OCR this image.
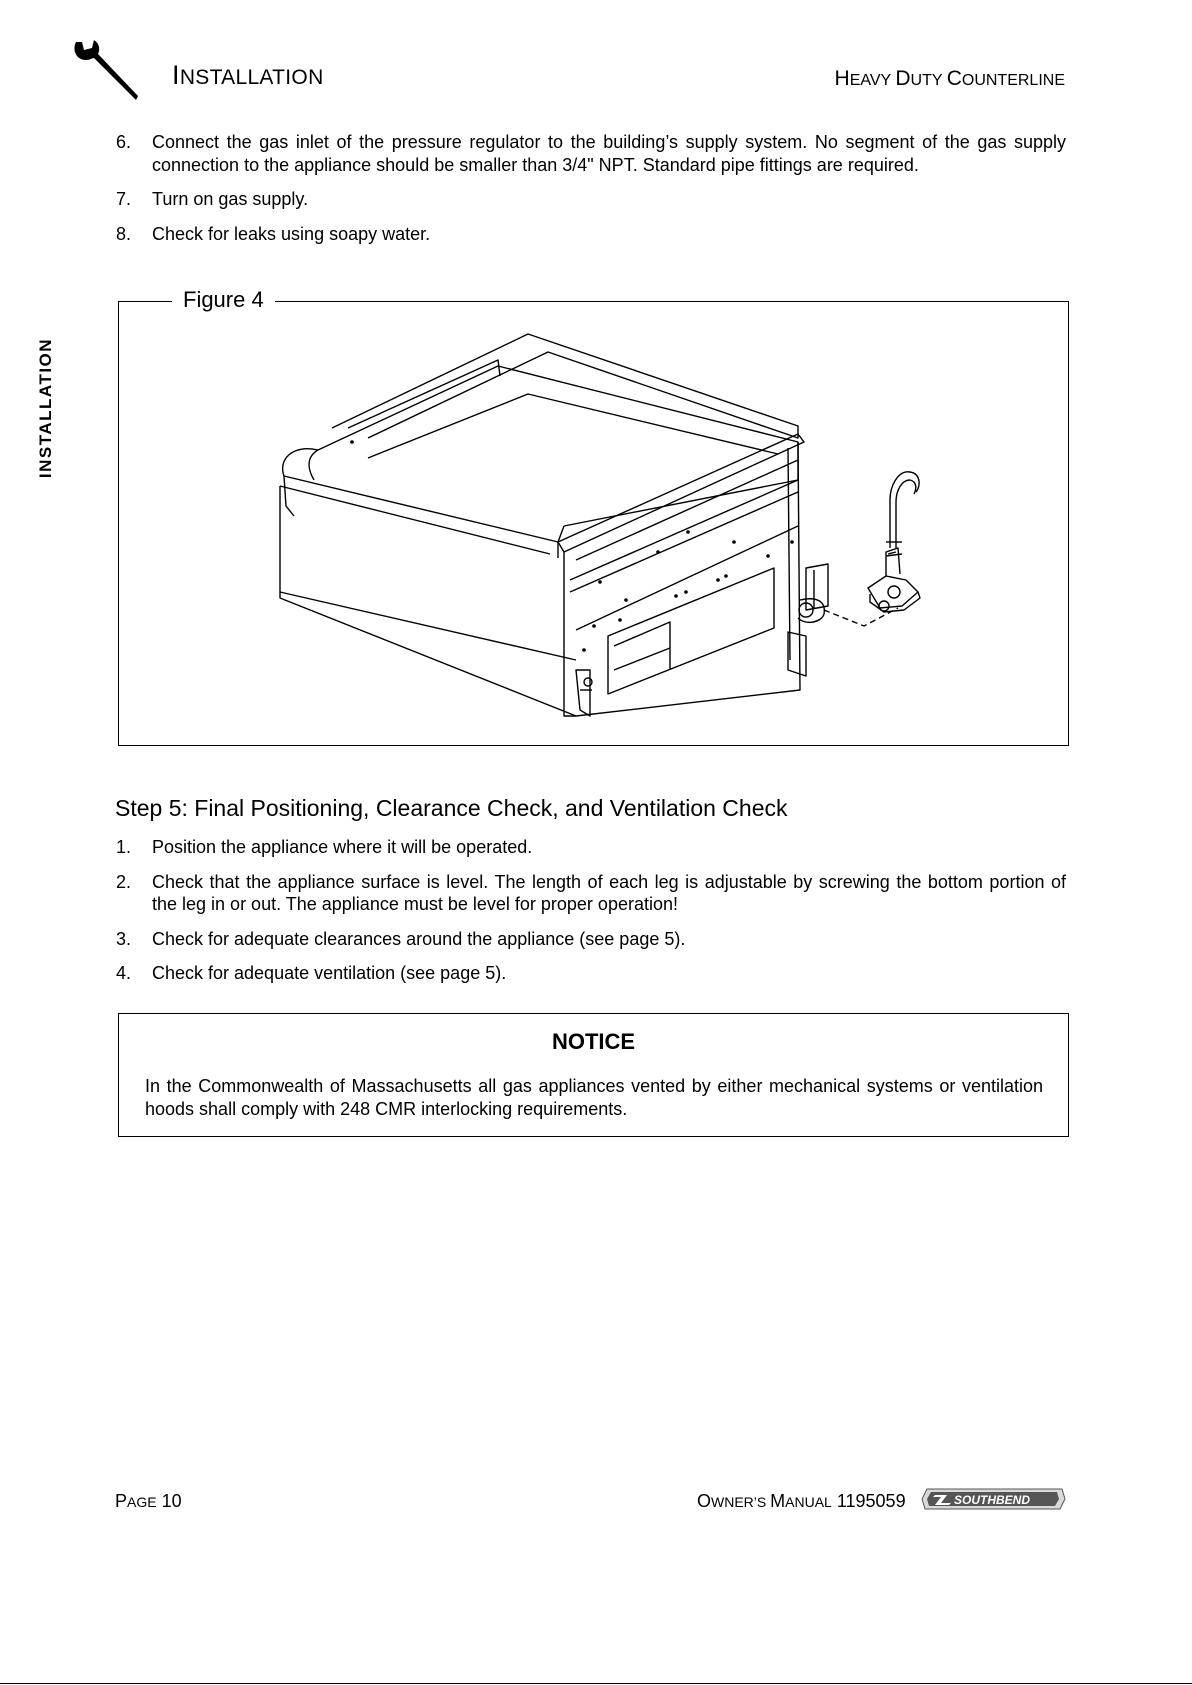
INSTALLATION	HEAVY DUTY COUNTERLINE
INSTALLATION
6. Connect the gas inlet of the pressure regulator to the building’s supply system. No segment of the gas supply connection to the appliance should be smaller than 3/4" NPT. Standard pipe fittings are required.
7. Turn on gas supply.
8. Check for leaks using soapy water.
Figure 4
Step 5: Final Positioning, Clearance Check, and Ventilation Check
1. Position the appliance where it will be operated.
2. Check that the appliance surface is level. The length of each leg is adjustable by screwing the bottom portion of the leg in or out. The appliance must be level for proper operation!
3. Check for adequate clearances around the appliance (see page 5).
4. Check for adequate ventilation (see page 5).
NOTICE
In the Commonwealth of Massachusetts all gas appliances vented by either mechanical systems or ventilation hoods shall comply with 248 CMR interlocking requirements.
PAGE 10	OWNER’S MANUAL 1195059	SOUTHBEND
